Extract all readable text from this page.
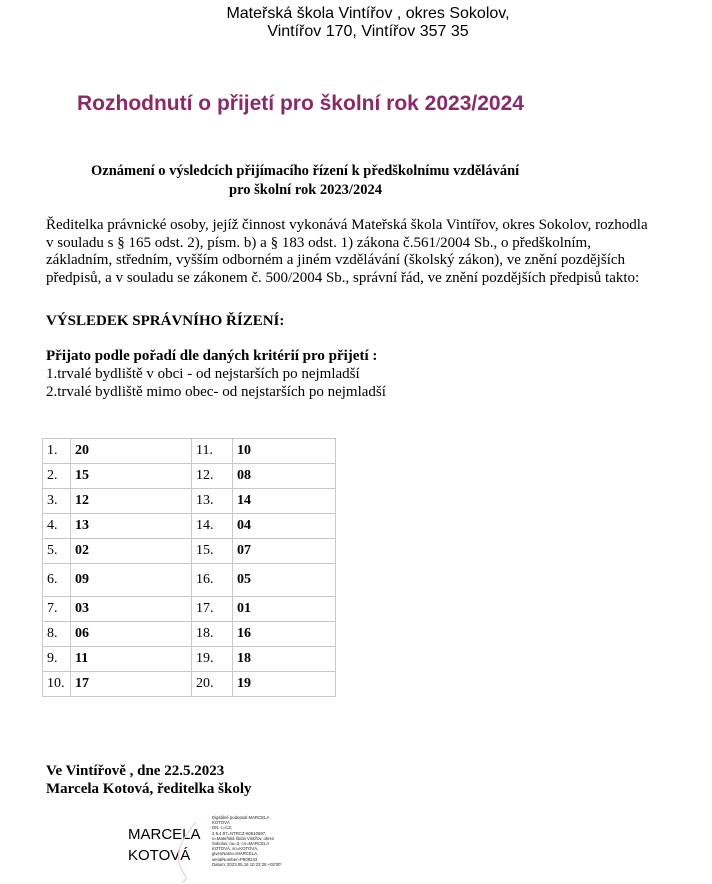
Mateřská škola Vintířov , okres Sokolov,
Vintířov 170, Vintířov 357 35
Rozhodnutí o přijetí pro školní rok 2023/2024
Oznámení o výsledcích přijímacího řízení k předškolnímu vzdělávání
pro školní rok 2023/2024
Ředitelka právnické osoby, jejíž činnost vykonává Mateřská škola Vintířov, okres Sokolov, rozhodla
v souladu s § 165 odst. 2), písm. b) a § 183 odst. 1) zákona č.561/2004 Sb., o předškolním,
základním, středním, vyšším odborném a jiném vzdělávání (školský zákon), ve znění pozdějších
předpisů, a v souladu se zákonem č. 500/2004 Sb., správní řád, ve znění pozdějších předpisů takto:
VÝSLEDEK SPRÁVNÍHO ŘÍZENÍ:
Přijato podle pořadí dle daných kritérií pro přijetí :
1.trvalé bydliště v obci - od nejstarších po nejmladší
2.trvalé bydliště mimo obec- od nejstarších po nejmladší
1.	20	11.	10
2.	15	12.	08
3.	12	13.	14
4.	13	14.	04
5.	02	15.	07
6.	09	16.	05
7.	03	17.	01
8.	06	18.	16
9.	11	19.	18
10.	17	20.	19
Ve Vintířově , dne 22.5.2023
Marcela Kotová, ředitelka školy
MARCELA
KOTOVÁ
Digitálně podepsal MARCELA
KOTOVÁ
DN: c=CZ,
2.5.4.97=NTRCZ-60610697,
o=Mateřská škola Vintířov, okres
Sokolov, ou=3, cn=MARCELA
KOTOVÁ, sn=KOTOVÁ,
givenName=MARCELA,
serialNumber=P809243
Datum: 2023.05.16 10:22:28 +02'00'
